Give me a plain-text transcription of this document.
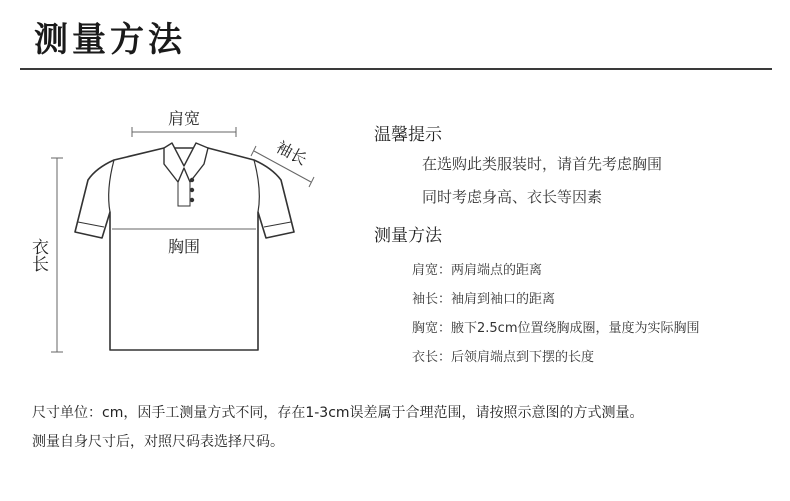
测量方法
肩宽
袖长
衣长	胸围
温馨提示
在选购此类服装时，请首先考虑胸围
同时考虑身高、衣长等因素
测量方法
肩宽：两肩端点的距离
袖长：袖肩到袖口的距离
胸宽：腋下2.5cm位置绕胸成圈，量度为实际胸围
衣长：后领肩端点到下摆的长度
尺寸单位：cm，因手工测量方式不同，存在1-3cm误差属于合理范围，请按照示意图的方式测量。
测量自身尺寸后，对照尺码表选择尺码。
